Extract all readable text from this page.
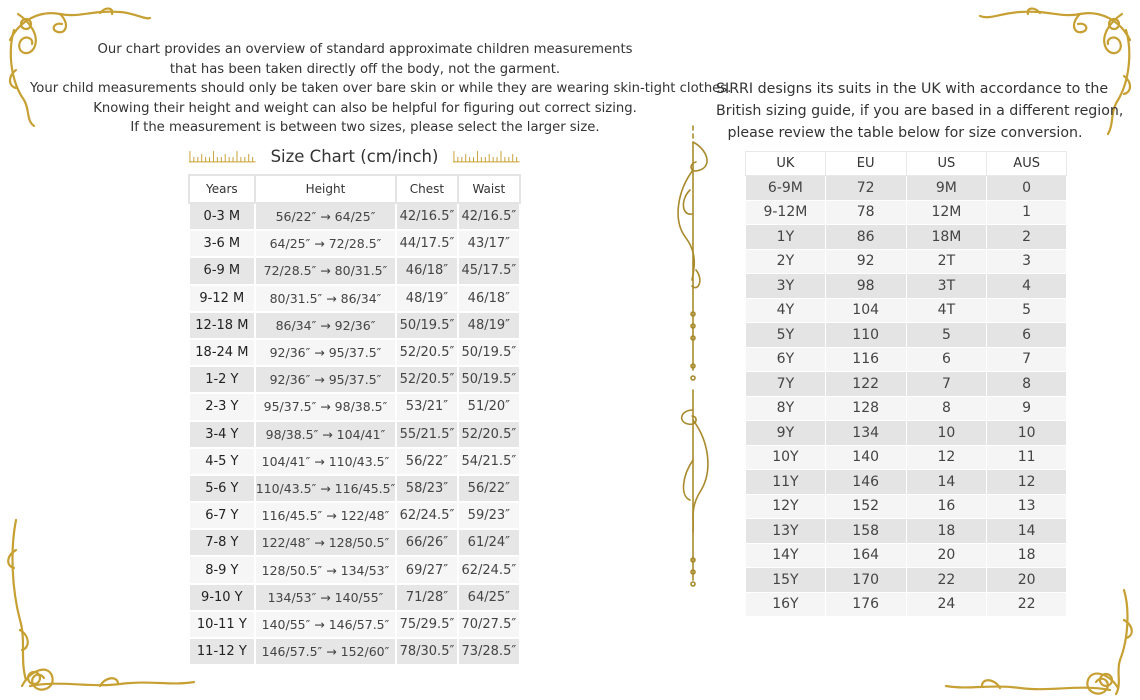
Our chart provides an overview of standard approximate children measurements

that has been taken directly off the body, not the garment.

Your child measurements should only be taken over bare skin or while they are wearing skin-tight clothes.

Knowing their height and weight can also be helpful for figuring out correct sizing.

If the measurement is between two sizes, please select the larger size.

Size Chart (cm/inch)
Years	Height	Chest	Waist
0-3 M	56/22″ → 64/25″	42/16.5″	42/16.5″
3-6 M	64/25″ → 72/28.5″	44/17.5″	43/17″
6-9 M	72/28.5″ → 80/31.5″	46/18″	45/17.5″
9-12 M	80/31.5″ → 86/34″	48/19″	46/18″
12-18 M	86/34″ → 92/36″	50/19.5″	48/19″
18-24 M	92/36″ → 95/37.5″	52/20.5″	50/19.5″
1-2 Y	92/36″ → 95/37.5″	52/20.5″	50/19.5″
2-3 Y	95/37.5″ → 98/38.5″	53/21″	51/20″
3-4 Y	98/38.5″ → 104/41″	55/21.5″	52/20.5″
4-5 Y	104/41″ → 110/43.5″	56/22″	54/21.5″
5-6 Y	110/43.5″ → 116/45.5″	58/23″	56/22″
6-7 Y	116/45.5″ → 122/48″	62/24.5″	59/23″
7-8 Y	122/48″ → 128/50.5″	66/26″	61/24″
8-9 Y	128/50.5″ → 134/53″	69/27″	62/24.5″
9-10 Y	134/53″ → 140/55″	71/28″	64/25″
10-11 Y	140/55″ → 146/57.5″	75/29.5″	70/27.5″
11-12 Y	146/57.5″ → 152/60″	78/30.5″	73/28.5″

SIRRI designs its suits in the UK with accordance to the

British sizing guide, if you are based in a different region,

please review the table below for size conversion.

UK	EU	US	AUS
6-9M	72	9M	0
9-12M	78	12M	1
1Y	86	18M	2
2Y	92	2T	3
3Y	98	3T	4
4Y	104	4T	5
5Y	110	5	6
6Y	116	6	7
7Y	122	7	8
8Y	128	8	9
9Y	134	10	10
10Y	140	12	11
11Y	146	14	12
12Y	152	16	13
13Y	158	18	14
14Y	164	20	18
15Y	170	22	20
16Y	176	24	22
